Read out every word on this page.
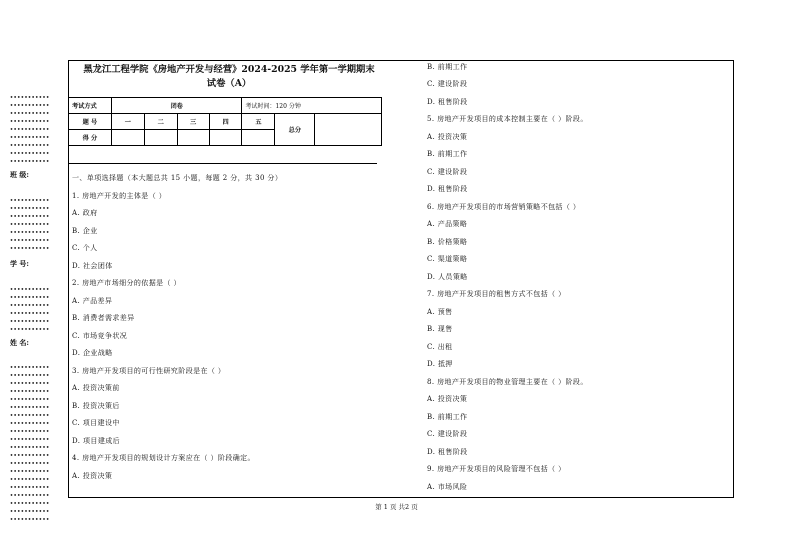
•••••••••••
•••••••••••
•••••••••••
•••••••••••
•••••••••••
•••••••••••
•••••••••••
•••••••••••
•••••••••••
班 级:
•••••••••••
•••••••••••
•••••••••••
•••••••••••
•••••••••••
•••••••••••
•••••••••••
学 号:
•••••••••••
•••••••••••
•••••••••••
•••••••••••
•••••••••••
•••••••••••
姓 名:
•••••••••••
•••••••••••
•••••••••••
•••••••••••
•••••••••••
•••••••••••
•••••••••••
•••••••••••
•••••••••••
•••••••••••
•••••••••••
•••••••••••
•••••••••••
•••••••••••
•••••••••••
•••••••••••
•••••••••••
•••••••••••
•••••••••••
•••••••••••
黑龙江工程学院《房地产开发与经营》2024-2025 学年第一学期期末
试卷（A）
考试方式	闭卷				考试时间：120 分钟		
题 号	一	二	三	四	五	总分	
得 分							
一、单项选择题（本大题总共 15 小题，每题 2 分，共 30 分）
1. 房地产开发的主体是（ ）
A. 政府
B. 企业
C. 个人
D. 社会团体
2. 房地产市场细分的依据是（ ）
A. 产品差异
B. 消费者需求差异
C. 市场竞争状况
D. 企业战略
3. 房地产开发项目的可行性研究阶段是在（ ）
A. 投资决策前
B. 投资决策后
C. 项目建设中
D. 项目建成后
4. 房地产开发项目的规划设计方案应在（ ）阶段确定。
A. 投资决策
B. 前期工作
C. 建设阶段
D. 租售阶段
5. 房地产开发项目的成本控制主要在（ ）阶段。
A. 投资决策
B. 前期工作
C. 建设阶段
D. 租售阶段
6. 房地产开发项目的市场营销策略不包括（ ）
A. 产品策略
B. 价格策略
C. 渠道策略
D. 人员策略
7. 房地产开发项目的租售方式不包括（ ）
A. 预售
B. 现售
C. 出租
D. 抵押
8. 房地产开发项目的物业管理主要在（ ）阶段。
A. 投资决策
B. 前期工作
C. 建设阶段
D. 租售阶段
9. 房地产开发项目的风险管理不包括（ ）
A. 市场风险
第 1 页 共2 页
